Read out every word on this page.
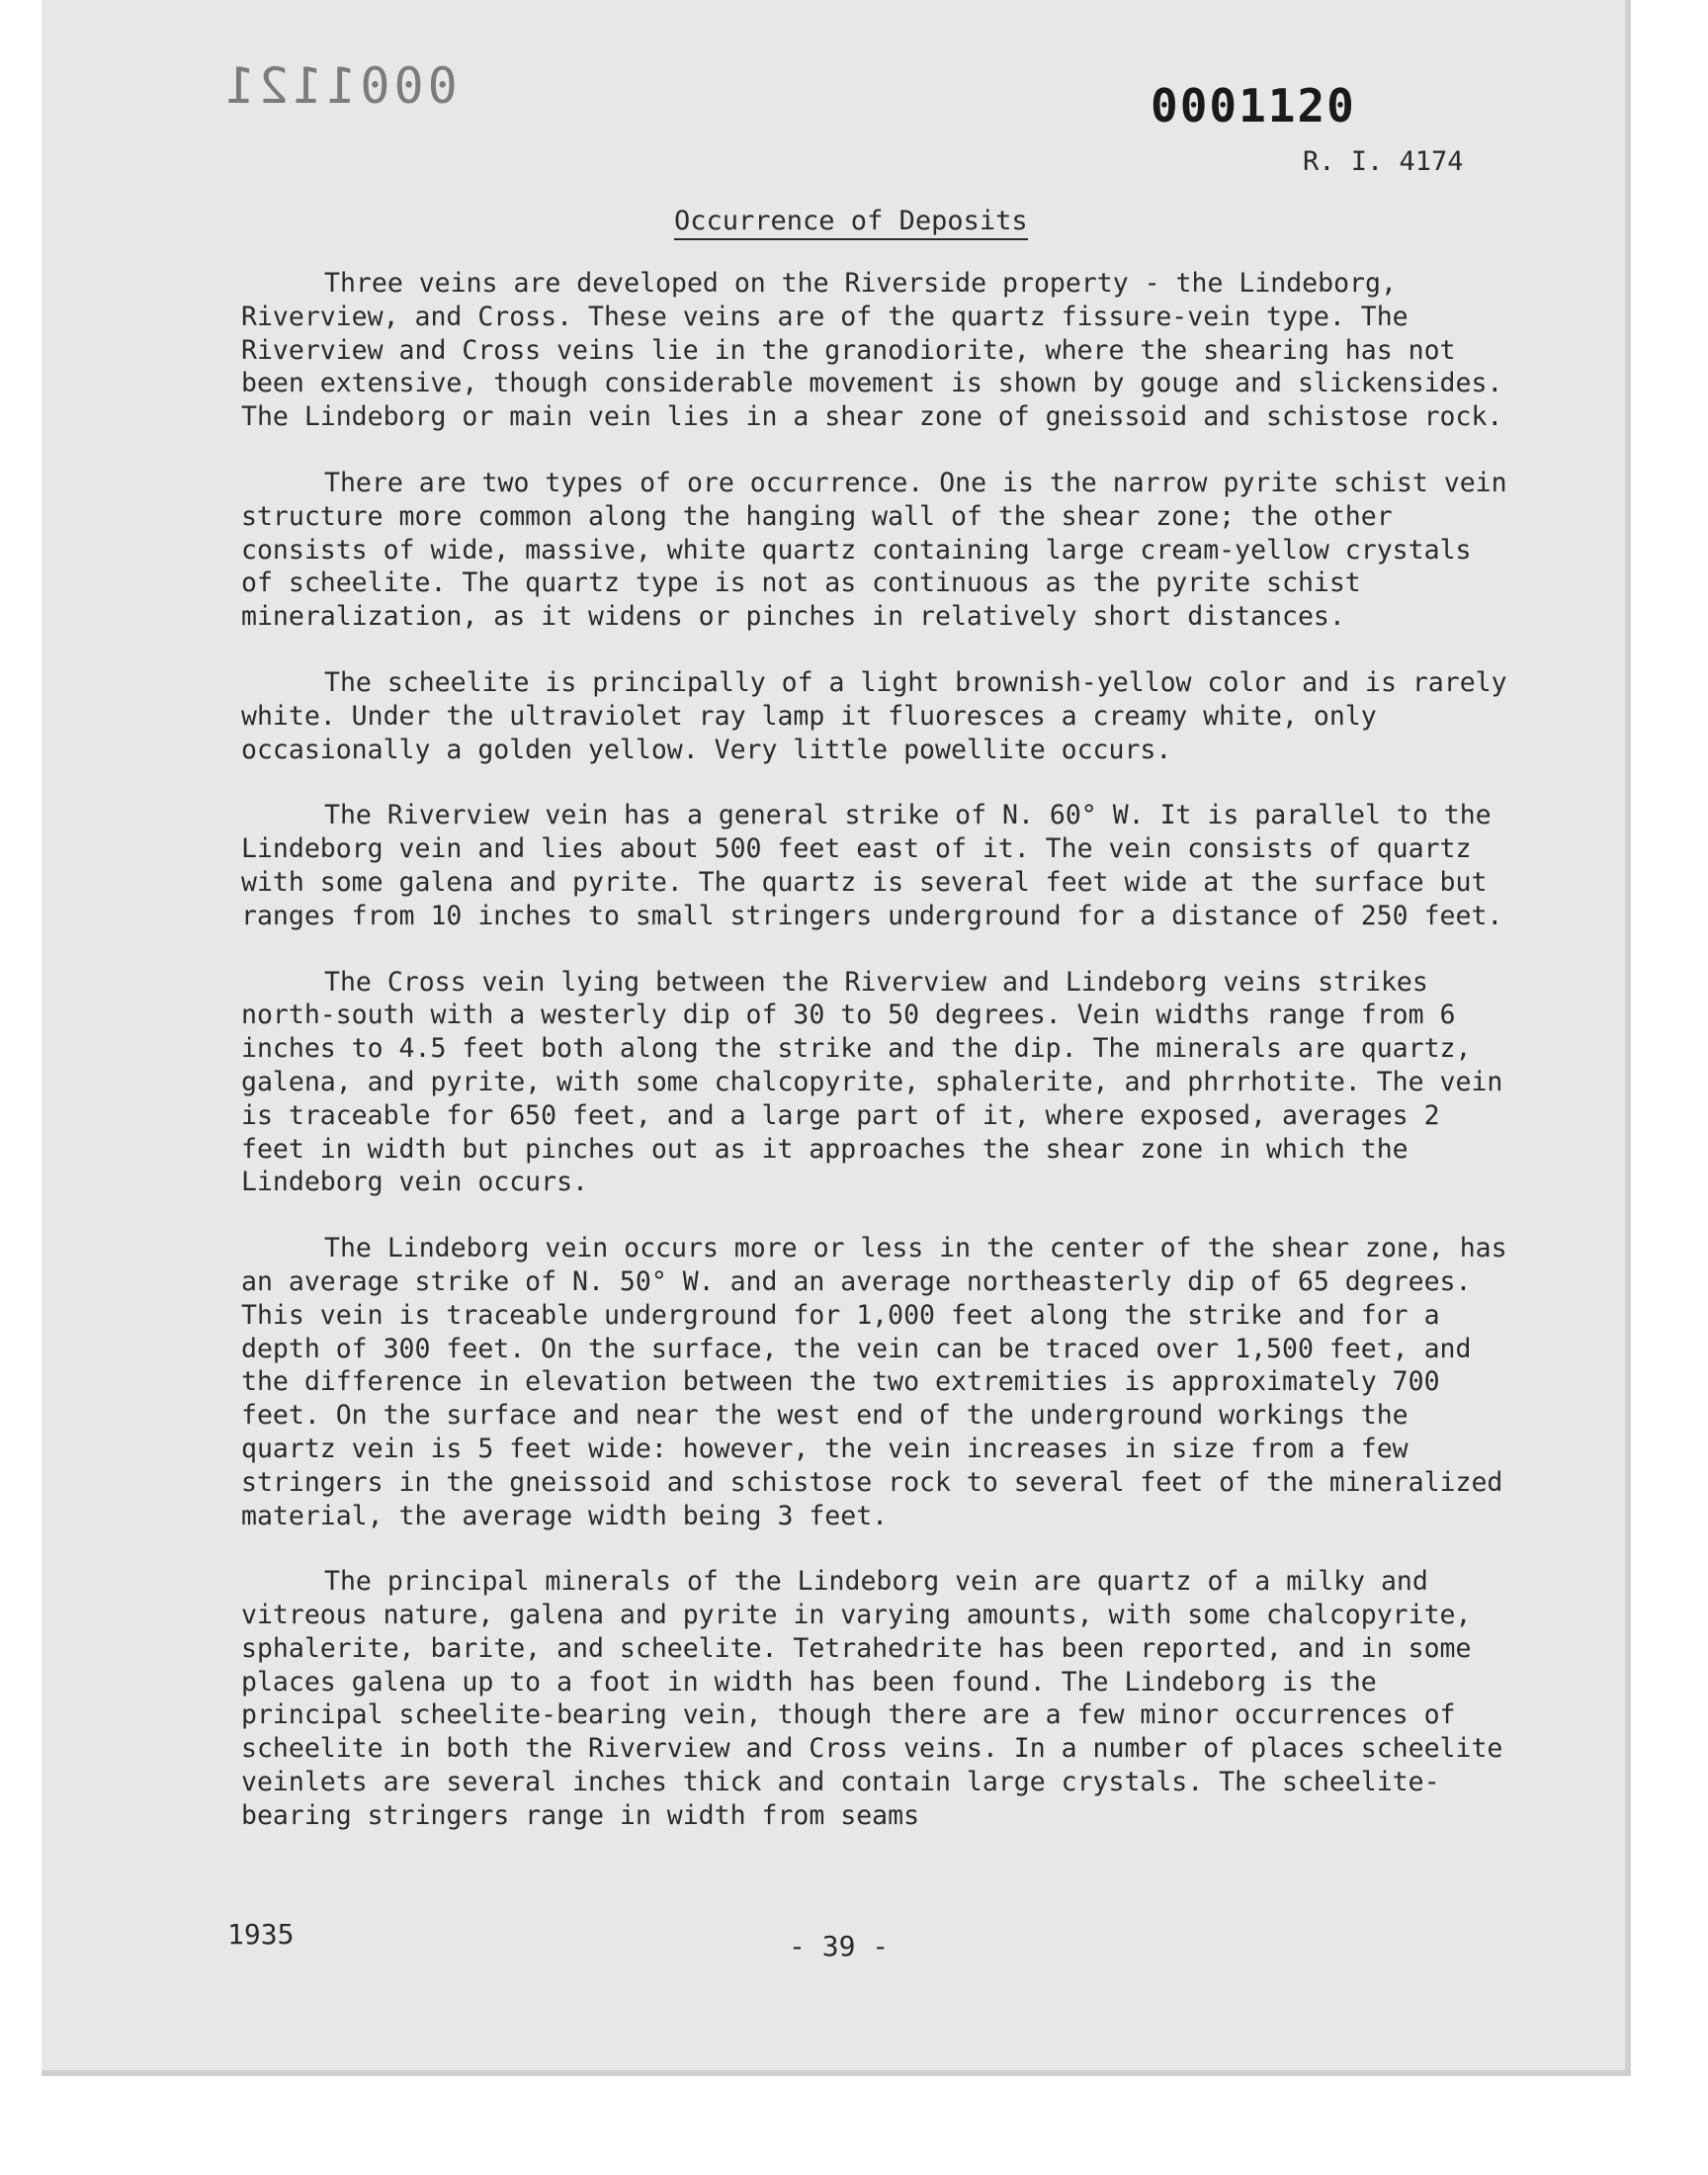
0001121	0001120
R. I. 4174
Occurrence of Deposits

Three veins are developed on the Riverside property - the Lindeborg, Riverview, and Cross. These veins are of the quartz fissure-vein type. The Riverview and Cross veins lie in the granodiorite, where the shearing has not been extensive, though considerable movement is shown by gouge and slickensides. The Lindeborg or main vein lies in a shear zone of gneissoid and schistose rock.

There are two types of ore occurrence. One is the narrow pyrite schist vein structure more common along the hanging wall of the shear zone; the other consists of wide, massive, white quartz containing large cream-yellow crystals of scheelite. The quartz type is not as continuous as the pyrite schist mineralization, as it widens or pinches in relatively short distances.

The scheelite is principally of a light brownish-yellow color and is rarely white. Under the ultraviolet ray lamp it fluoresces a creamy white, only occasionally a golden yellow. Very little powellite occurs.

The Riverview vein has a general strike of N. 60° W. It is parallel to the Lindeborg vein and lies about 500 feet east of it. The vein consists of quartz with some galena and pyrite. The quartz is several feet wide at the surface but ranges from 10 inches to small stringers underground for a distance of 250 feet.

The Cross vein lying between the Riverview and Lindeborg veins strikes north-south with a westerly dip of 30 to 50 degrees. Vein widths range from 6 inches to 4.5 feet both along the strike and the dip. The minerals are quartz, galena, and pyrite, with some chalcopyrite, sphalerite, and phrrhotite. The vein is traceable for 650 feet, and a large part of it, where exposed, averages 2 feet in width but pinches out as it approaches the shear zone in which the Lindeborg vein occurs.

The Lindeborg vein occurs more or less in the center of the shear zone, has an average strike of N. 50° W. and an average northeasterly dip of 65 degrees. This vein is traceable underground for 1,000 feet along the strike and for a depth of 300 feet. On the surface, the vein can be traced over 1,500 feet, and the difference in elevation between the two extremities is approximately 700 feet. On the surface and near the west end of the underground workings the quartz vein is 5 feet wide: however, the vein increases in size from a few stringers in the gneissoid and schistose rock to several feet of the mineralized material, the average width being 3 feet.

The principal minerals of the Lindeborg vein are quartz of a milky and vitreous nature, galena and pyrite in varying amounts, with some chalcopyrite, sphalerite, barite, and scheelite. Tetrahedrite has been reported, and in some places galena up to a foot in width has been found. The Lindeborg is the principal scheelite-bearing vein, though there are a few minor occurrences of scheelite in both the Riverview and Cross veins. In a number of places scheelite veinlets are several inches thick and contain large crystals. The scheelite-bearing stringers range in width from seams

1935	- 39 -
